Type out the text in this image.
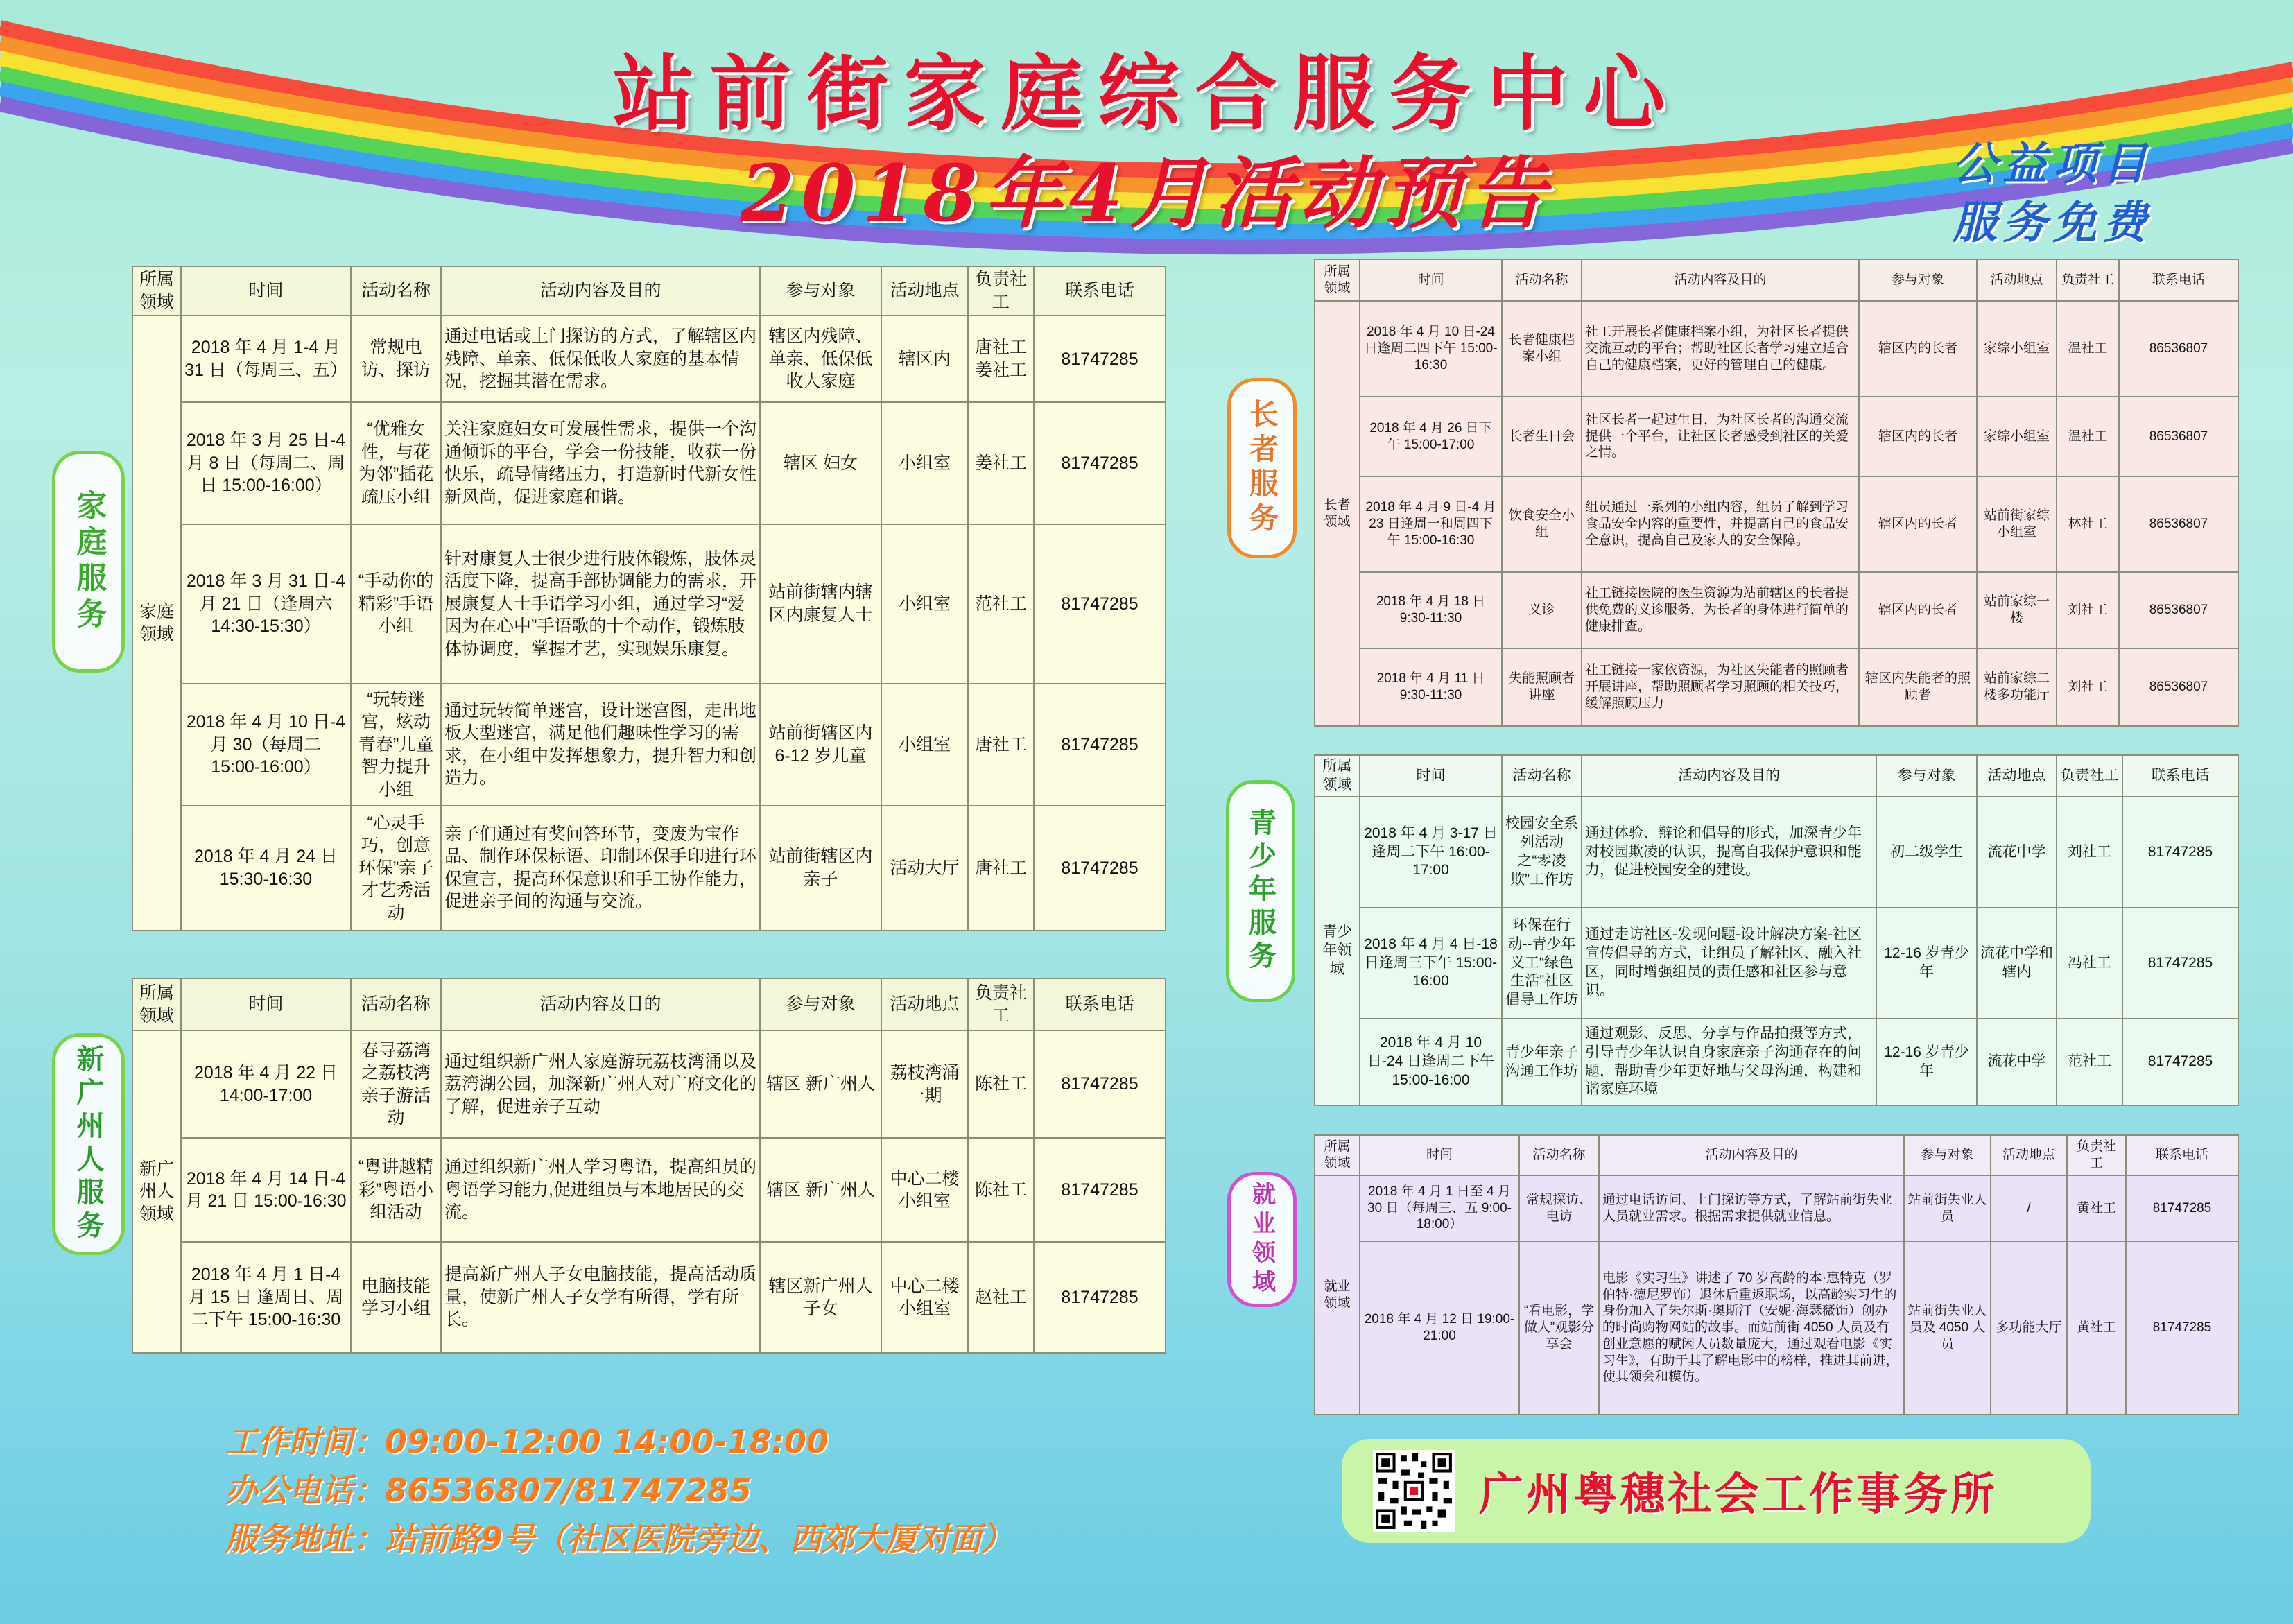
站前街家庭综合服务中心
2018年4月活动预告	公益项目
服务免费
家庭服务
新广州人服务
长者服务
青少年服务
就业领域
所属领域	时间	活动名称	活动内容及目的	参与对象	活动地点	负责社工	联系电话
家庭领域	2018 年 4 月 1-4 月 31 日（每周三、五）	常规电访、探访	通过电话或上门探访的方式，了解辖区内残障、单亲、低保低收人家庭的基本情况，挖掘其潜在需求。	辖区内残障、单亲、低保低收人家庭	辖区内	唐社工 姜社工	81747285
	2018 年 3 月 25 日-4 月 8 日（每周二、周日 15:00-16:00）	“优雅女性，与花为邻”插花疏压小组	关注家庭妇女可发展性需求，提供一个沟通倾诉的平台，学会一份技能，收获一份快乐，疏导情绪压力，打造新时代新女性新风尚，促进家庭和谐。	辖区 妇女	小组室	姜社工	81747285
	2018 年 3 月 31 日-4 月 21 日（逢周六 14:30-15:30）	“手动你的精彩”手语小组	针对康复人士很少进行肢体锻炼，肢体灵活度下降，提高手部协调能力的需求，开展康复人士手语学习小组，通过学习“爱因为在心中”手语歌的十个动作，锻炼肢体协调度，掌握才艺，实现娱乐康复。	站前街辖内辖区内康复人士	小组室	范社工	81747285
	2018 年 4 月 10 日-4 月 30（每周二 15:00-16:00）	“玩转迷宫，炫动青春”儿童智力提升小组	通过玩转简单迷宫，设计迷宫图，走出地板大型迷宫，满足他们趣味性学习的需求，在小组中发挥想象力，提升智力和创造力。	站前街辖区内 6-12 岁儿童	小组室	唐社工	81747285
	2018 年 4 月 24 日 15:30-16:30	“心灵手巧，创意环保”亲子才艺秀活动	亲子们通过有奖问答环节，变废为宝作品、制作环保标语、印制环保手印进行环保宣言，提高环保意识和手工协作能力，促进亲子间的沟通与交流。	站前街辖区内亲子	活动大厅	唐社工	81747285
所属领域	时间	活动名称	活动内容及目的	参与对象	活动地点	负责社工	联系电话
新广州人领域	2018 年 4 月 22 日 14:00-17:00	春寻荔湾之荔枝湾亲子游活动	通过组织新广州人家庭游玩荔枝湾涌以及荔湾湖公园，加深新广州人对广府文化的了解，促进亲子互动	辖区 新广州人	荔枝湾涌一期	陈社工	81747285
	2018 年 4 月 14 日-4 月 21 日 15:00-16:30	“粤讲越精彩”粤语小组活动	通过组织新广州人学习粤语，提高组员的粤语学习能力,促进组员与本地居民的交流。	辖区 新广州人	中心二楼小组室	陈社工	81747285
	2018 年 4 月 1 日-4 月 15 日 逢周日、周二下午 15:00-16:30	电脑技能学习小组	提高新广州人子女电脑技能，提高活动质量，使新广州人子女学有所得，学有所长。	辖区新广州人子女	中心二楼小组室	赵社工	81747285
所属领域	时间	活动名称	活动内容及目的	参与对象	活动地点	负责社工	联系电话
长者领域	2018 年 4 月 10 日-24 日逢周二四下午 15:00-16:30	长者健康档案小组	社工开展长者健康档案小组，为社区长者提供交流互动的平台；帮助社区长者学习建立适合自己的健康档案，更好的管理自己的健康。	辖区内的长者	家综小组室	温社工	86536807
	2018 年 4 月 26 日下午 15:00-17:00	长者生日会	社区长者一起过生日，为社区长者的沟通交流提供一个平台，让社区长者感受到社区的关爱之情。	辖区内的长者	家综小组室	温社工	86536807
	2018 年 4 月 9 日-4 月 23 日逢周一和周四下午 15:00-16:30	饮食安全小组	组员通过一系列的小组内容，组员了解到学习食品安全内容的重要性，并提高自己的食品安全意识，提高自己及家人的安全保障。	辖区内的长者	站前街家综小组室	林社工	86536807
	2018 年 4 月 18 日 9:30-11:30	义诊	社工链接医院的医生资源为站前辖区的长者提供免费的义诊服务，为长者的身体进行简单的健康排查。	辖区内的长者	站前家综一楼	刘社工	86536807
	2018 年 4 月 11 日 9:30-11:30	失能照顾者讲座	社工链接一家依资源，为社区失能者的照顾者开展讲座，帮助照顾者学习照顾的相关技巧，缓解照顾压力	辖区内失能者的照顾者	站前家综二楼多功能厅	刘社工	86536807
所属领域	时间	活动名称	活动内容及目的	参与对象	活动地点	负责社工	联系电话
青少年领域	2018 年 4 月 3-17 日逢周二下午 16:00-17:00	校园安全系列活动之“零凌欺”工作坊	通过体验、辩论和倡导的形式，加深青少年对校园欺凌的认识，提高自我保护意识和能力，促进校园安全的建设。	初二级学生	流花中学	刘社工	81747285
	2018 年 4 月 4 日-18 日逢周三下午 15:00-16:00	环保在行动--青少年义工“绿色生活”社区倡导工作坊	通过走访社区-发现问题-设计解决方案-社区宣传倡导的方式，让组员了解社区、融入社区，同时增强组员的责任感和社区参与意识。	12-16 岁青少年	流花中学和辖内	冯社工	81747285
	2018 年 4 月 10 日-24 日逢周二下午 15:00-16:00	青少年亲子沟通工作坊	通过观影、反思、分享与作品拍摄等方式，引导青少年认识自身家庭亲子沟通存在的问题，帮助青少年更好地与父母沟通，构建和谐家庭环境	12-16 岁青少年	流花中学	范社工	81747285
所属领域	时间	活动名称	活动内容及目的	参与对象	活动地点	负责社工	联系电话
就业领域	2018 年 4 月 1 日至 4 月 30 日（每周三、五 9:00-18:00）	常规探访、电访	通过电话访问、上门探访等方式，了解站前街失业人员就业需求。根据需求提供就业信息。	站前街失业人员	/	黄社工	81747285
	2018 年 4 月 12 日 19:00-21:00	“看电影，学做人”观影分享会	电影《实习生》讲述了 70 岁高龄的本·惠特克（罗伯特·德尼罗饰）退休后重返职场，以高龄实习生的身份加入了朱尔斯·奥斯汀（安妮·海瑟薇饰）创办的时尚购物网站的故事。而站前街 4050 人员及有创业意愿的赋闲人员数量庞大，通过观看电影《实习生》，有助于其了解电影中的榜样，推进其前进，使其领会和模仿。	站前街失业人员及 4050 人员	多功能大厅	黄社工	81747285
工作时间：09:00-12:00 14:00-18:00
办公电话：86536807/81747285
服务地址：站前路9号（社区医院旁边、西郊大厦对面）
广州粤穗社会工作事务所
